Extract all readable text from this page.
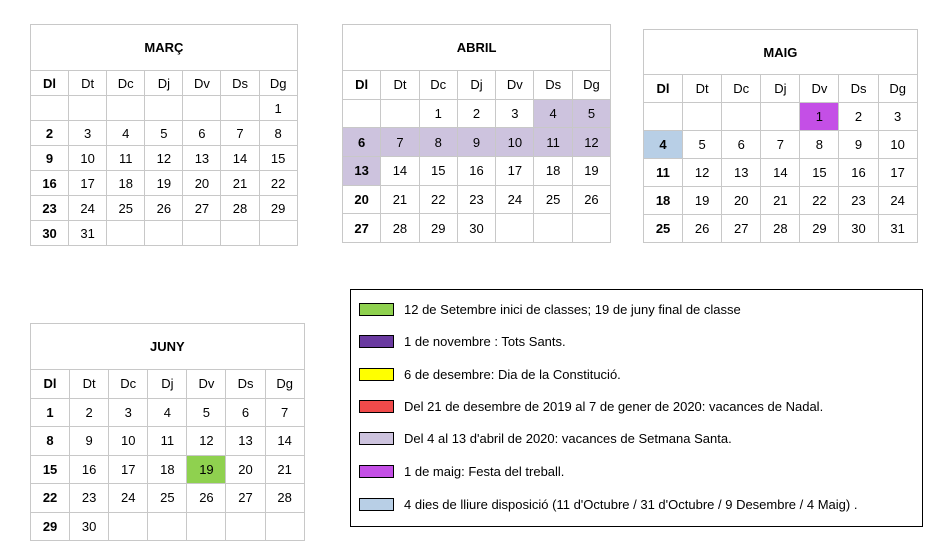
MARÇ						
Dl	Dt	Dc	Dj	Dv	Ds	Dg
						1
2	3	4	5	6	7	8
9	10	11	12	13	14	15
16	17	18	19	20	21	22
23	24	25	26	27	28	29
30	31					
ABRIL						
Dl	Dt	Dc	Dj	Dv	Ds	Dg
		1	2	3	4	5
6	7	8	9	10	11	12
13	14	15	16	17	18	19
20	21	22	23	24	25	26
27	28	29	30			
MAIG						
Dl	Dt	Dc	Dj	Dv	Ds	Dg
				1	2	3
4	5	6	7	8	9	10
11	12	13	14	15	16	17
18	19	20	21	22	23	24
25	26	27	28	29	30	31
JUNY						
Dl	Dt	Dc	Dj	Dv	Ds	Dg
1	2	3	4	5	6	7
8	9	10	11	12	13	14
15	16	17	18	19	20	21
22	23	24	25	26	27	28
29	30					
12 de Setembre inici de classes; 19 de juny final de classe
1 de novembre : Tots Sants.
6 de desembre: Dia de la Constitució.
Del 21 de desembre de 2019 al 7 de gener de 2020: vacances de Nadal.
Del 4 al 13 d'abril de 2020: vacances de Setmana Santa.
1 de maig: Festa del treball.
4 dies de lliure disposició (11 d'Octubre / 31 d'Octubre / 9 Desembre / 4 Maig) .
